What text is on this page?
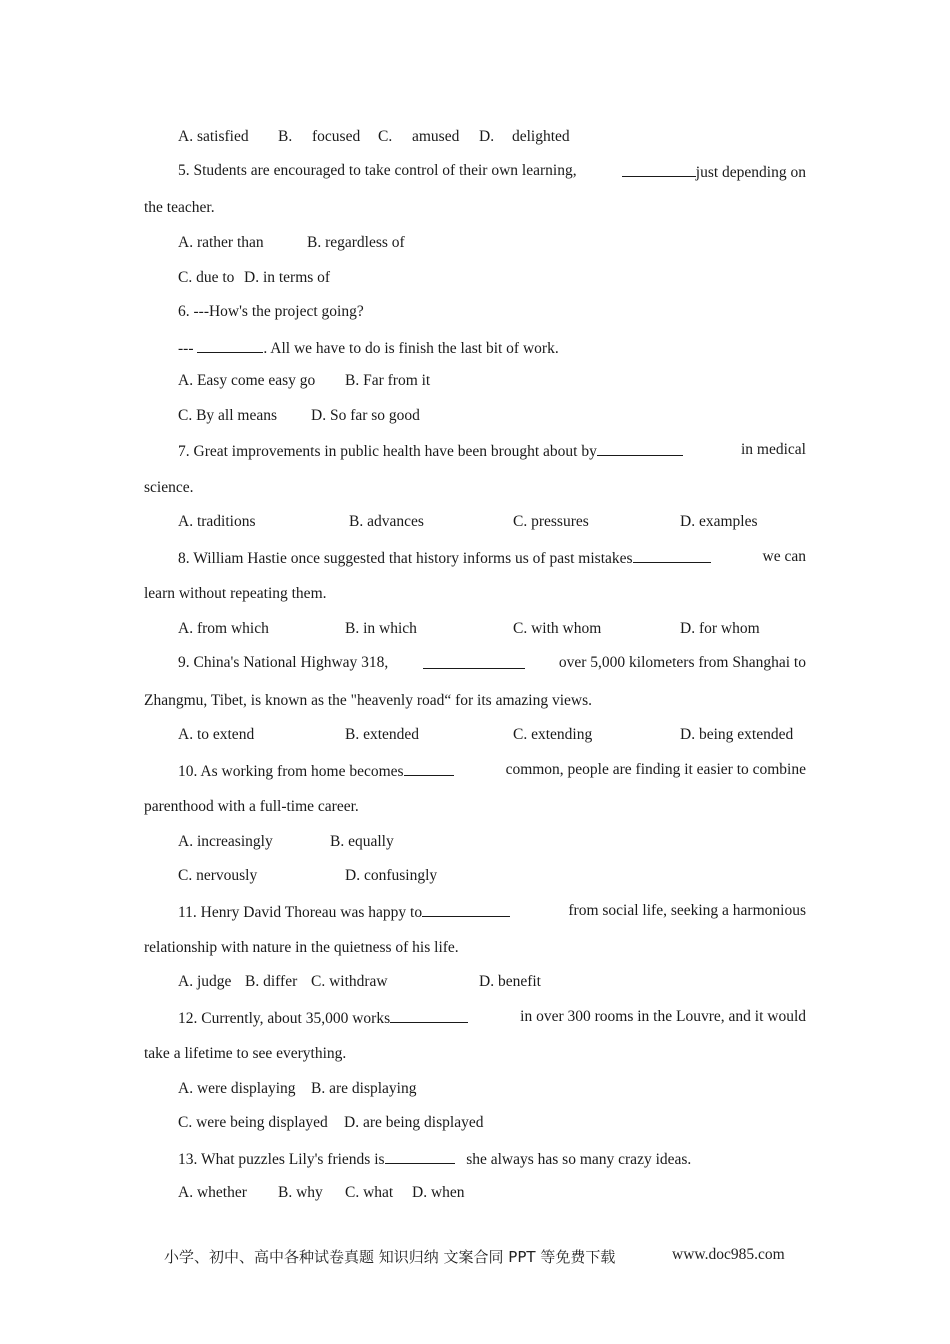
A. satisfied B. focused C. amused D. delighted
5. Students are encouraged to take control of their own learning,	just depending on
the teacher.
A. rather than	B. regardless of
C. due to D. in terms of
6. ---How's the project going?
---	. All we have to do is finish the last bit of work.
A. Easy come easy go B. Far from it
C. By all means D. So far so good
7. Great improvements in public health have been brought about by	in medical
science.
A. traditions	B. advances	C. pressures	D. examples
8. William Hastie once suggested that history informs us of past mistakes	we can
learn without repeating them.
A. from which	B. in which	C. with whom	D. for whom
9. China's National Highway 318,	over 5,000 kilometers from Shanghai to
Zhangmu, Tibet, is known as the "heavenly road“ for its amazing views.
A. to extend	B. extended	C. extending	D. being extended
10. As working from home becomes	common, people are finding it easier to combine
parenthood with a full-time career.
A. increasingly	B. equally
C. nervously	D. confusingly
11. Henry David Thoreau was happy to	from social life, seeking a harmonious
relationship with nature in the quietness of his life.
A. judge B. differ C. withdraw	D. benefit
12. Currently, about 35,000 works	in over 300 rooms in the Louvre, and it would
take a lifetime to see everything.
A. were displaying B. are displaying
C. were being displayed D. are being displayed
13. What puzzles Lily's friends is	she always has so many crazy ideas.
A. whether B. why C. what D. when
小学、初中、高中各种试卷真题 知识归纳 文案合同 PPT 等免费下载	www.doc985.com
